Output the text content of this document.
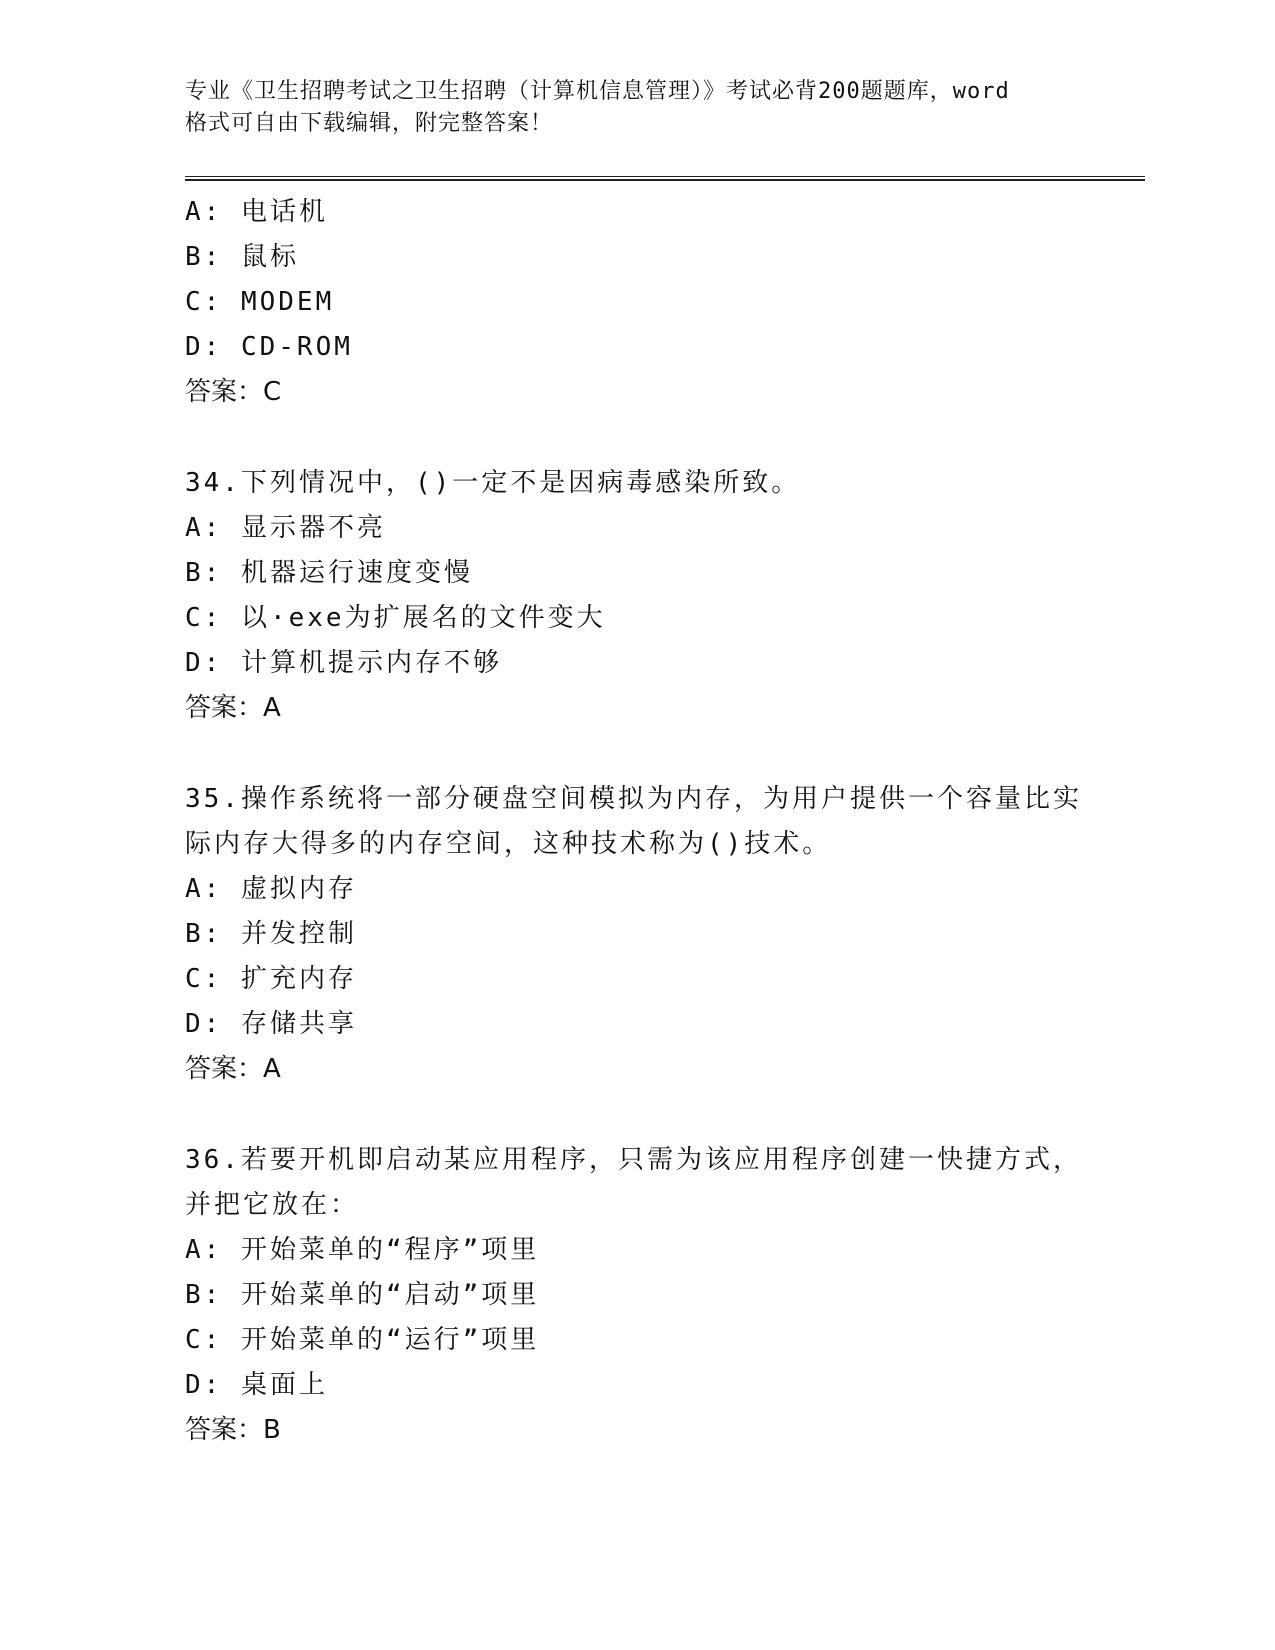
专业《卫生招聘考试之卫生招聘（计算机信息管理）》考试必背200题题库，word
格式可自由下载编辑，附完整答案！
A: 电话机
B: 鼠标
C: MODEM
D: CD-ROM
答案：C
34.下列情况中，()一定不是因病毒感染所致。
A: 显示器不亮
B: 机器运行速度变慢
C: 以·exe为扩展名的文件变大
D: 计算机提示内存不够
答案：A
35.操作系统将一部分硬盘空间模拟为内存，为用户提供一个容量比实
际内存大得多的内存空间，这种技术称为()技术。
A: 虚拟内存
B: 并发控制
C: 扩充内存
D: 存储共享
答案：A
36.若要开机即启动某应用程序，只需为该应用程序创建一快捷方式，
并把它放在：
A: 开始菜单的“程序”项里
B: 开始菜单的“启动”项里
C: 开始菜单的“运行”项里
D: 桌面上
答案：B
